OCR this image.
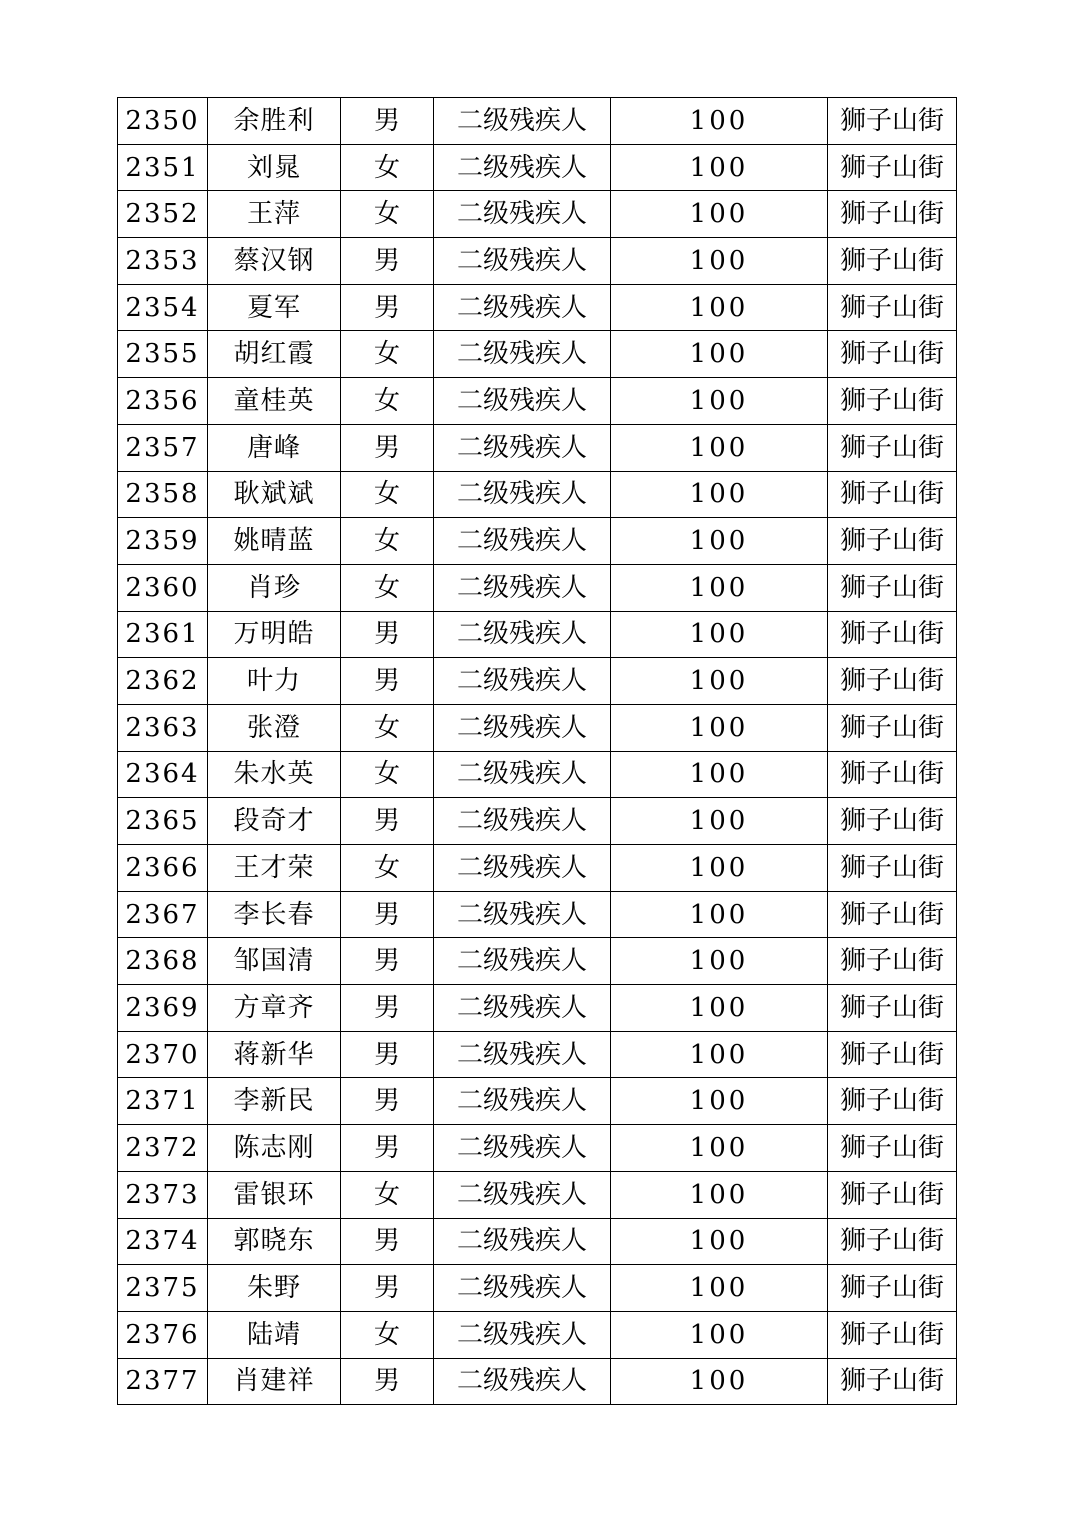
2350	余胜利	男	二级残疾人	100	狮子山街
2351	刘晁	女	二级残疾人	100	狮子山街
2352	王萍	女	二级残疾人	100	狮子山街
2353	蔡汉钢	男	二级残疾人	100	狮子山街
2354	夏军	男	二级残疾人	100	狮子山街
2355	胡红霞	女	二级残疾人	100	狮子山街
2356	童桂英	女	二级残疾人	100	狮子山街
2357	唐峰	男	二级残疾人	100	狮子山街
2358	耿斌斌	女	二级残疾人	100	狮子山街
2359	姚晴蓝	女	二级残疾人	100	狮子山街
2360	肖珍	女	二级残疾人	100	狮子山街
2361	万明皓	男	二级残疾人	100	狮子山街
2362	叶力	男	二级残疾人	100	狮子山街
2363	张澄	女	二级残疾人	100	狮子山街
2364	朱水英	女	二级残疾人	100	狮子山街
2365	段奇才	男	二级残疾人	100	狮子山街
2366	王才荣	女	二级残疾人	100	狮子山街
2367	李长春	男	二级残疾人	100	狮子山街
2368	邹国清	男	二级残疾人	100	狮子山街
2369	方章齐	男	二级残疾人	100	狮子山街
2370	蒋新华	男	二级残疾人	100	狮子山街
2371	李新民	男	二级残疾人	100	狮子山街
2372	陈志刚	男	二级残疾人	100	狮子山街
2373	雷银环	女	二级残疾人	100	狮子山街
2374	郭晓东	男	二级残疾人	100	狮子山街
2375	朱野	男	二级残疾人	100	狮子山街
2376	陆靖	女	二级残疾人	100	狮子山街
2377	肖建祥	男	二级残疾人	100	狮子山街
